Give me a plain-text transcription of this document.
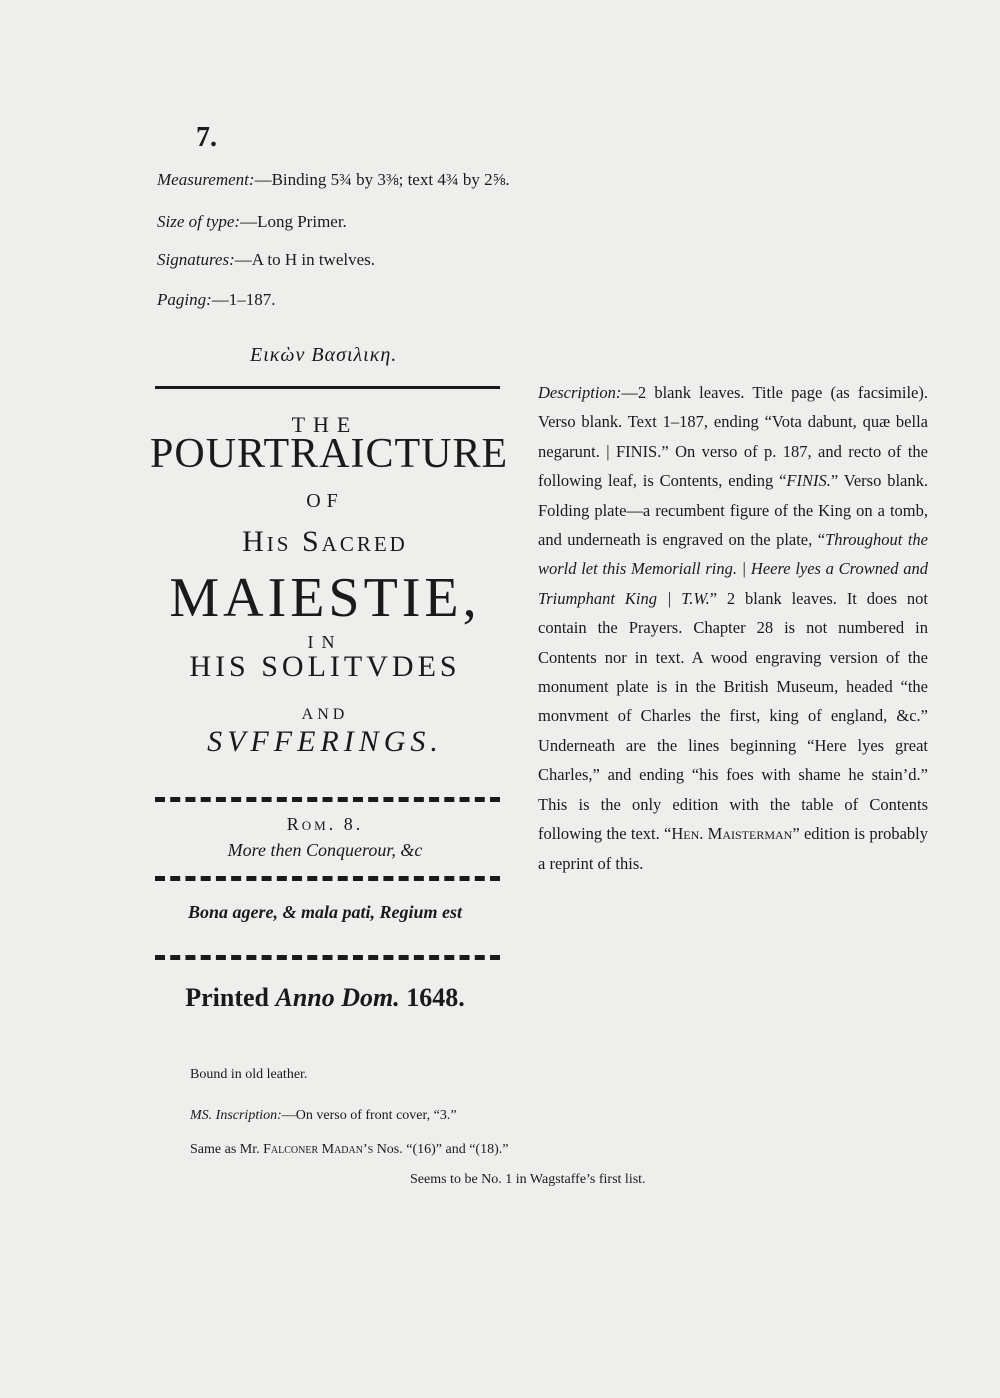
7.
Measurement:—Binding 5¾ by 3⅜; text 4¾ by 2⅝.
Size of type:—Long Primer.
Signatures:—A to H in twelves.
Paging:—1–187.
Εικὼν Βασιλικη.
THE
POURTRAICTURE
OF
His Sacred
MAIESTIE,
IN
HIS SOLITVDES
AND
SVFFERINGS.
Rom. 8.
More then Conquerour, &c
Bona agere, & mala pati, Regium est
Printed Anno Dom. 1648.
Description:—2 blank leaves. Title page (as facsimile). Verso blank. Text 1–187, ending “Vota dabunt, quæ bella negarunt. | FINIS.” On verso of p. 187, and recto of the following leaf, is Contents, ending “FINIS.” Verso blank. Folding plate—a recumbent figure of the King on a tomb, and underneath is engraved on the plate, “Throughout the world let this Memoriall ring. | Heere lyes a Crowned and Triumphant King | T.W.” 2 blank leaves. It does not contain the Prayers. Chapter 28 is not numbered in Contents nor in text. A wood engraving version of the monument plate is in the British Museum, headed “the monvment of Charles the first, king of england, &c.” Underneath are the lines beginning “Here lyes great Charles,” and ending “his foes with shame he stain’d.” This is the only edition with the table of Contents following the text. “Hen. Maisterman” edition is probably a reprint of this.
Bound in old leather.
MS. Inscription:—On verso of front cover, “3.”
Same as Mr. Falconer Madan’s Nos. “(16)” and “(18).”
Seems to be No. 1 in Wagstaffe’s first list.
